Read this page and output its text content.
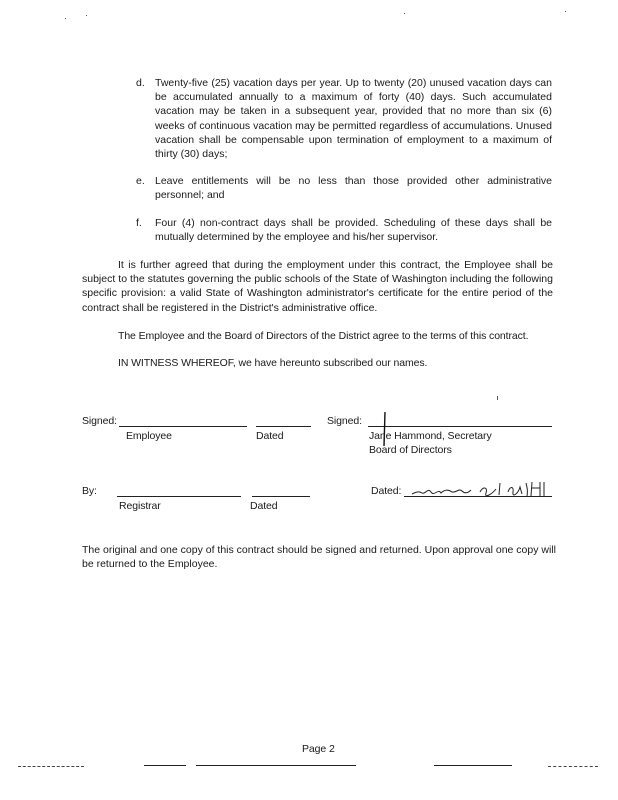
d. Twenty-five (25) vacation days per year. Up to twenty (20) unused vacation days can be accumulated annually to a maximum of forty (40) days. Such accumulated vacation may be taken in a subsequent year, provided that no more than six (6) weeks of continuous vacation may be permitted regardless of accumulations. Unused vacation shall be compensable upon termination of employment to a maximum of thirty (30) days;
e. Leave entitlements will be no less than those provided other administrative personnel; and
f. Four (4) non-contract days shall be provided. Scheduling of these days shall be mutually determined by the employee and his/her supervisor.
It is further agreed that during the employment under this contract, the Employee shall be subject to the statutes governing the public schools of the State of Washington including the following specific provision: a valid State of Washington administrator's certificate for the entire period of the contract shall be registered in the District's administrative office.
The Employee and the Board of Directors of the District agree to the terms of this contract.
IN WITNESS WHEREOF, we have hereunto subscribed our names.
Signed:
Employee	Dated
Signed:
Jane Hammond, Secretary
Board of Directors
By:
Registrar	Dated
Dated:
The original and one copy of this contract should be signed and returned. Upon approval one copy will be returned to the Employee.
Page 2
